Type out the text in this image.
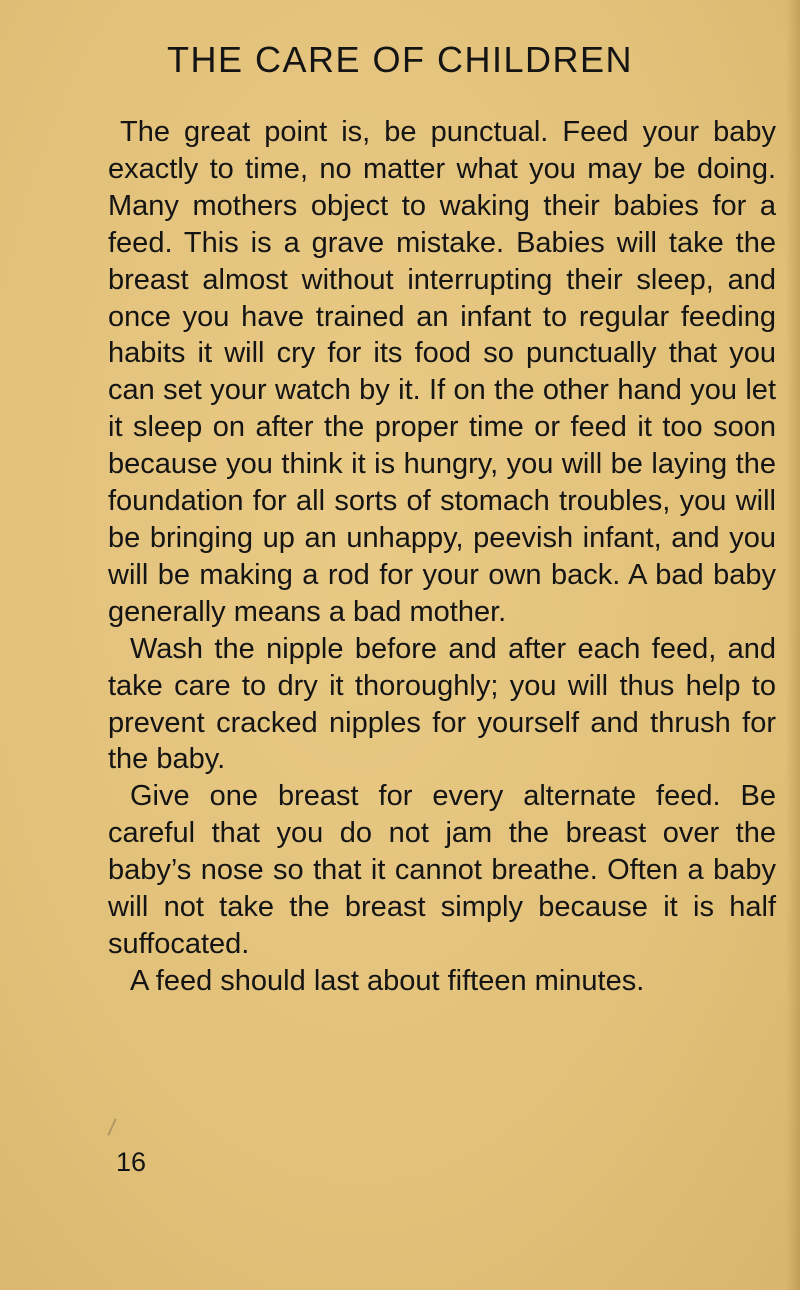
THE CARE OF CHILDREN

The great point is, be punctual. Feed your baby exactly to time, no matter what you may be doing. Many mothers object to waking their babies for a feed. This is a grave mistake. Babies will take the breast almost without interrupting their sleep, and once you have trained an infant to regular feeding habits it will cry for its food so punctually that you can set your watch by it. If on the other hand you let it sleep on after the proper time or feed it too soon because you think it is hungry, you will be laying the foundation for all sorts of stomach troubles, you will be bringing up an unhappy, peevish infant, and you will be making a rod for your own back. A bad baby generally means a bad mother.

Wash the nipple before and after each feed, and take care to dry it thoroughly; you will thus help to prevent cracked nipples for yourself and thrush for the baby.

Give one breast for every alternate feed. Be careful that you do not jam the breast over the baby’s nose so that it cannot breathe. Often a baby will not take the breast simply because it is half suffocated.

A feed should last about fifteen minutes.

16
